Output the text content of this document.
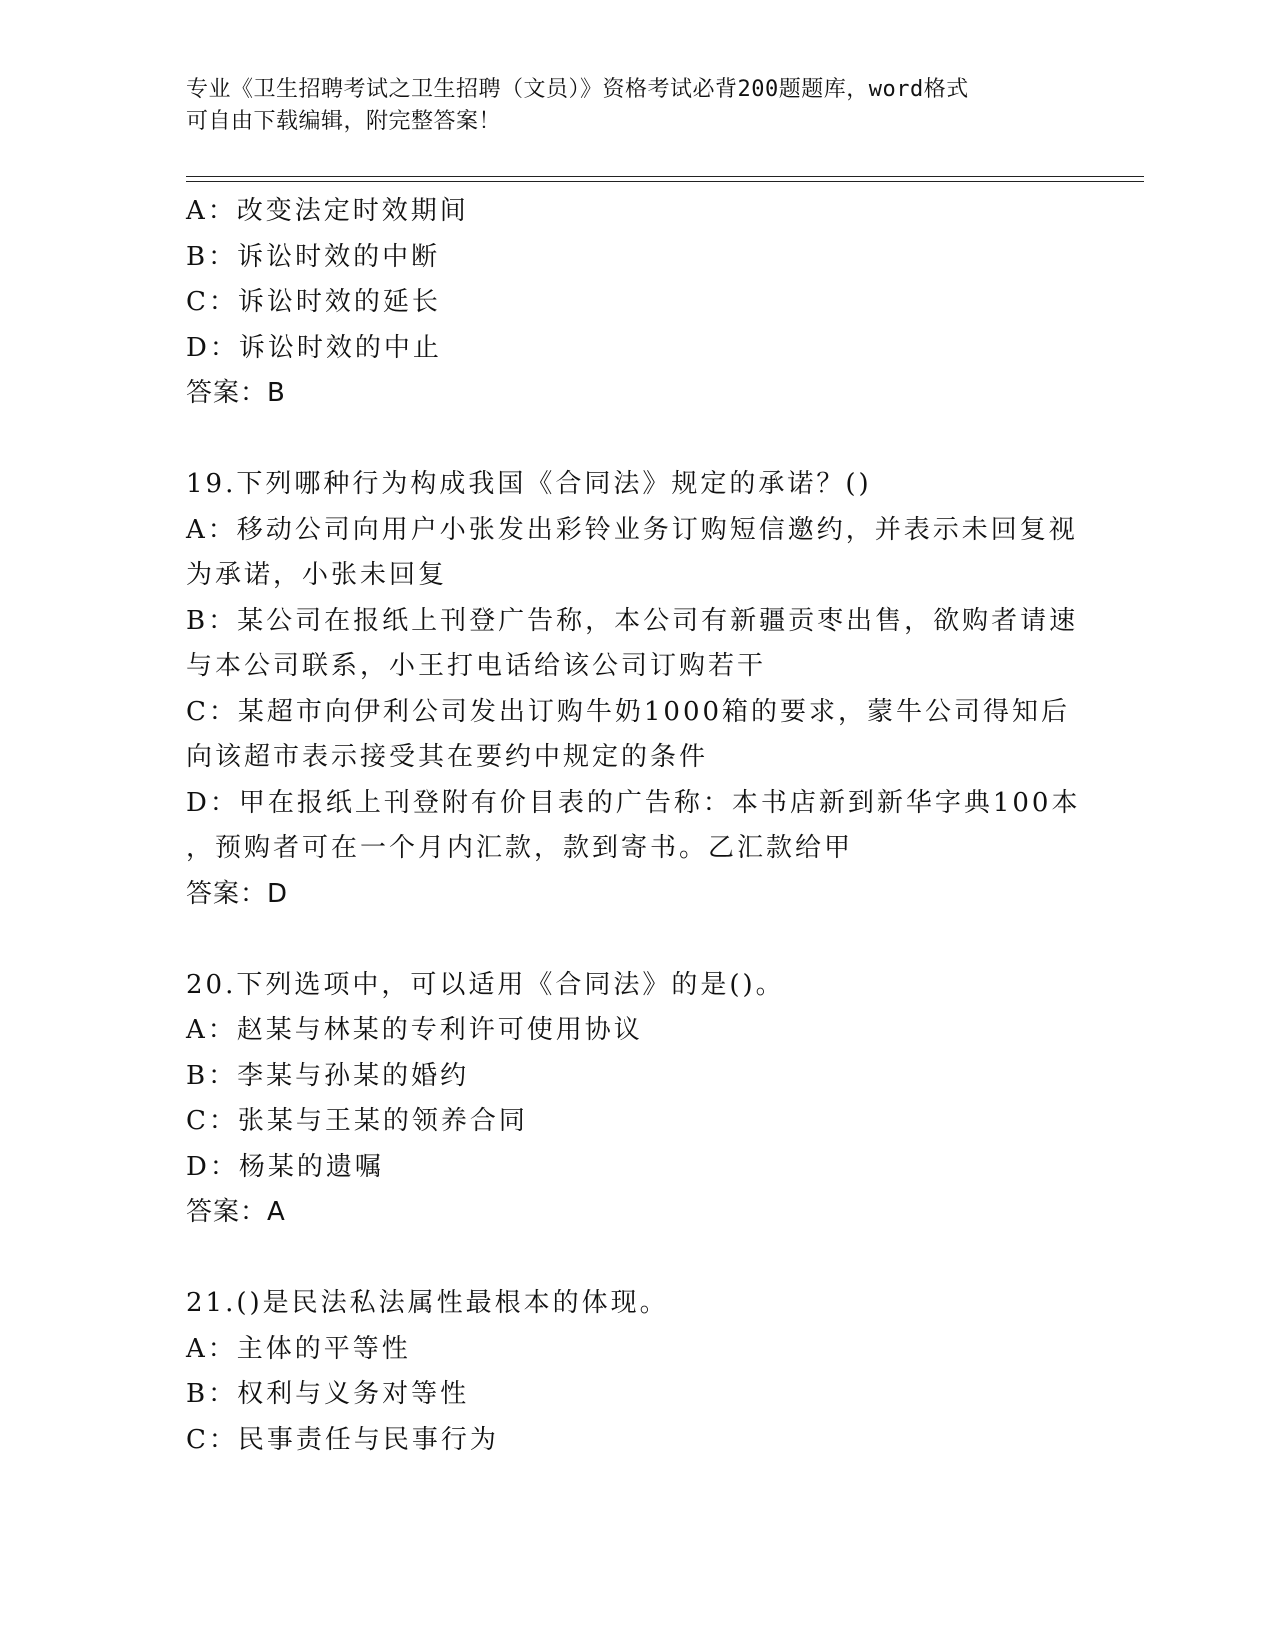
专业《卫生招聘考试之卫生招聘（文员）》资格考试必背200题题库，word格式
可自由下载编辑，附完整答案！
A：改变法定时效期间
B：诉讼时效的中断
C：诉讼时效的延长
D：诉讼时效的中止
答案：B
19.下列哪种行为构成我国《合同法》规定的承诺？()
A：移动公司向用户小张发出彩铃业务订购短信邀约，并表示未回复视
为承诺，小张未回复
B：某公司在报纸上刊登广告称，本公司有新疆贡枣出售，欲购者请速
与本公司联系，小王打电话给该公司订购若干
C：某超市向伊利公司发出订购牛奶1000箱的要求，蒙牛公司得知后
向该超市表示接受其在要约中规定的条件
D：甲在报纸上刊登附有价目表的广告称：本书店新到新华字典100本
，预购者可在一个月内汇款，款到寄书。乙汇款给甲
答案：D
20.下列选项中，可以适用《合同法》的是()。
A：赵某与林某的专利许可使用协议
B：李某与孙某的婚约
C：张某与王某的领养合同
D：杨某的遗嘱
答案：A
21.()是民法私法属性最根本的体现。
A：主体的平等性
B：权利与义务对等性
C：民事责任与民事行为
